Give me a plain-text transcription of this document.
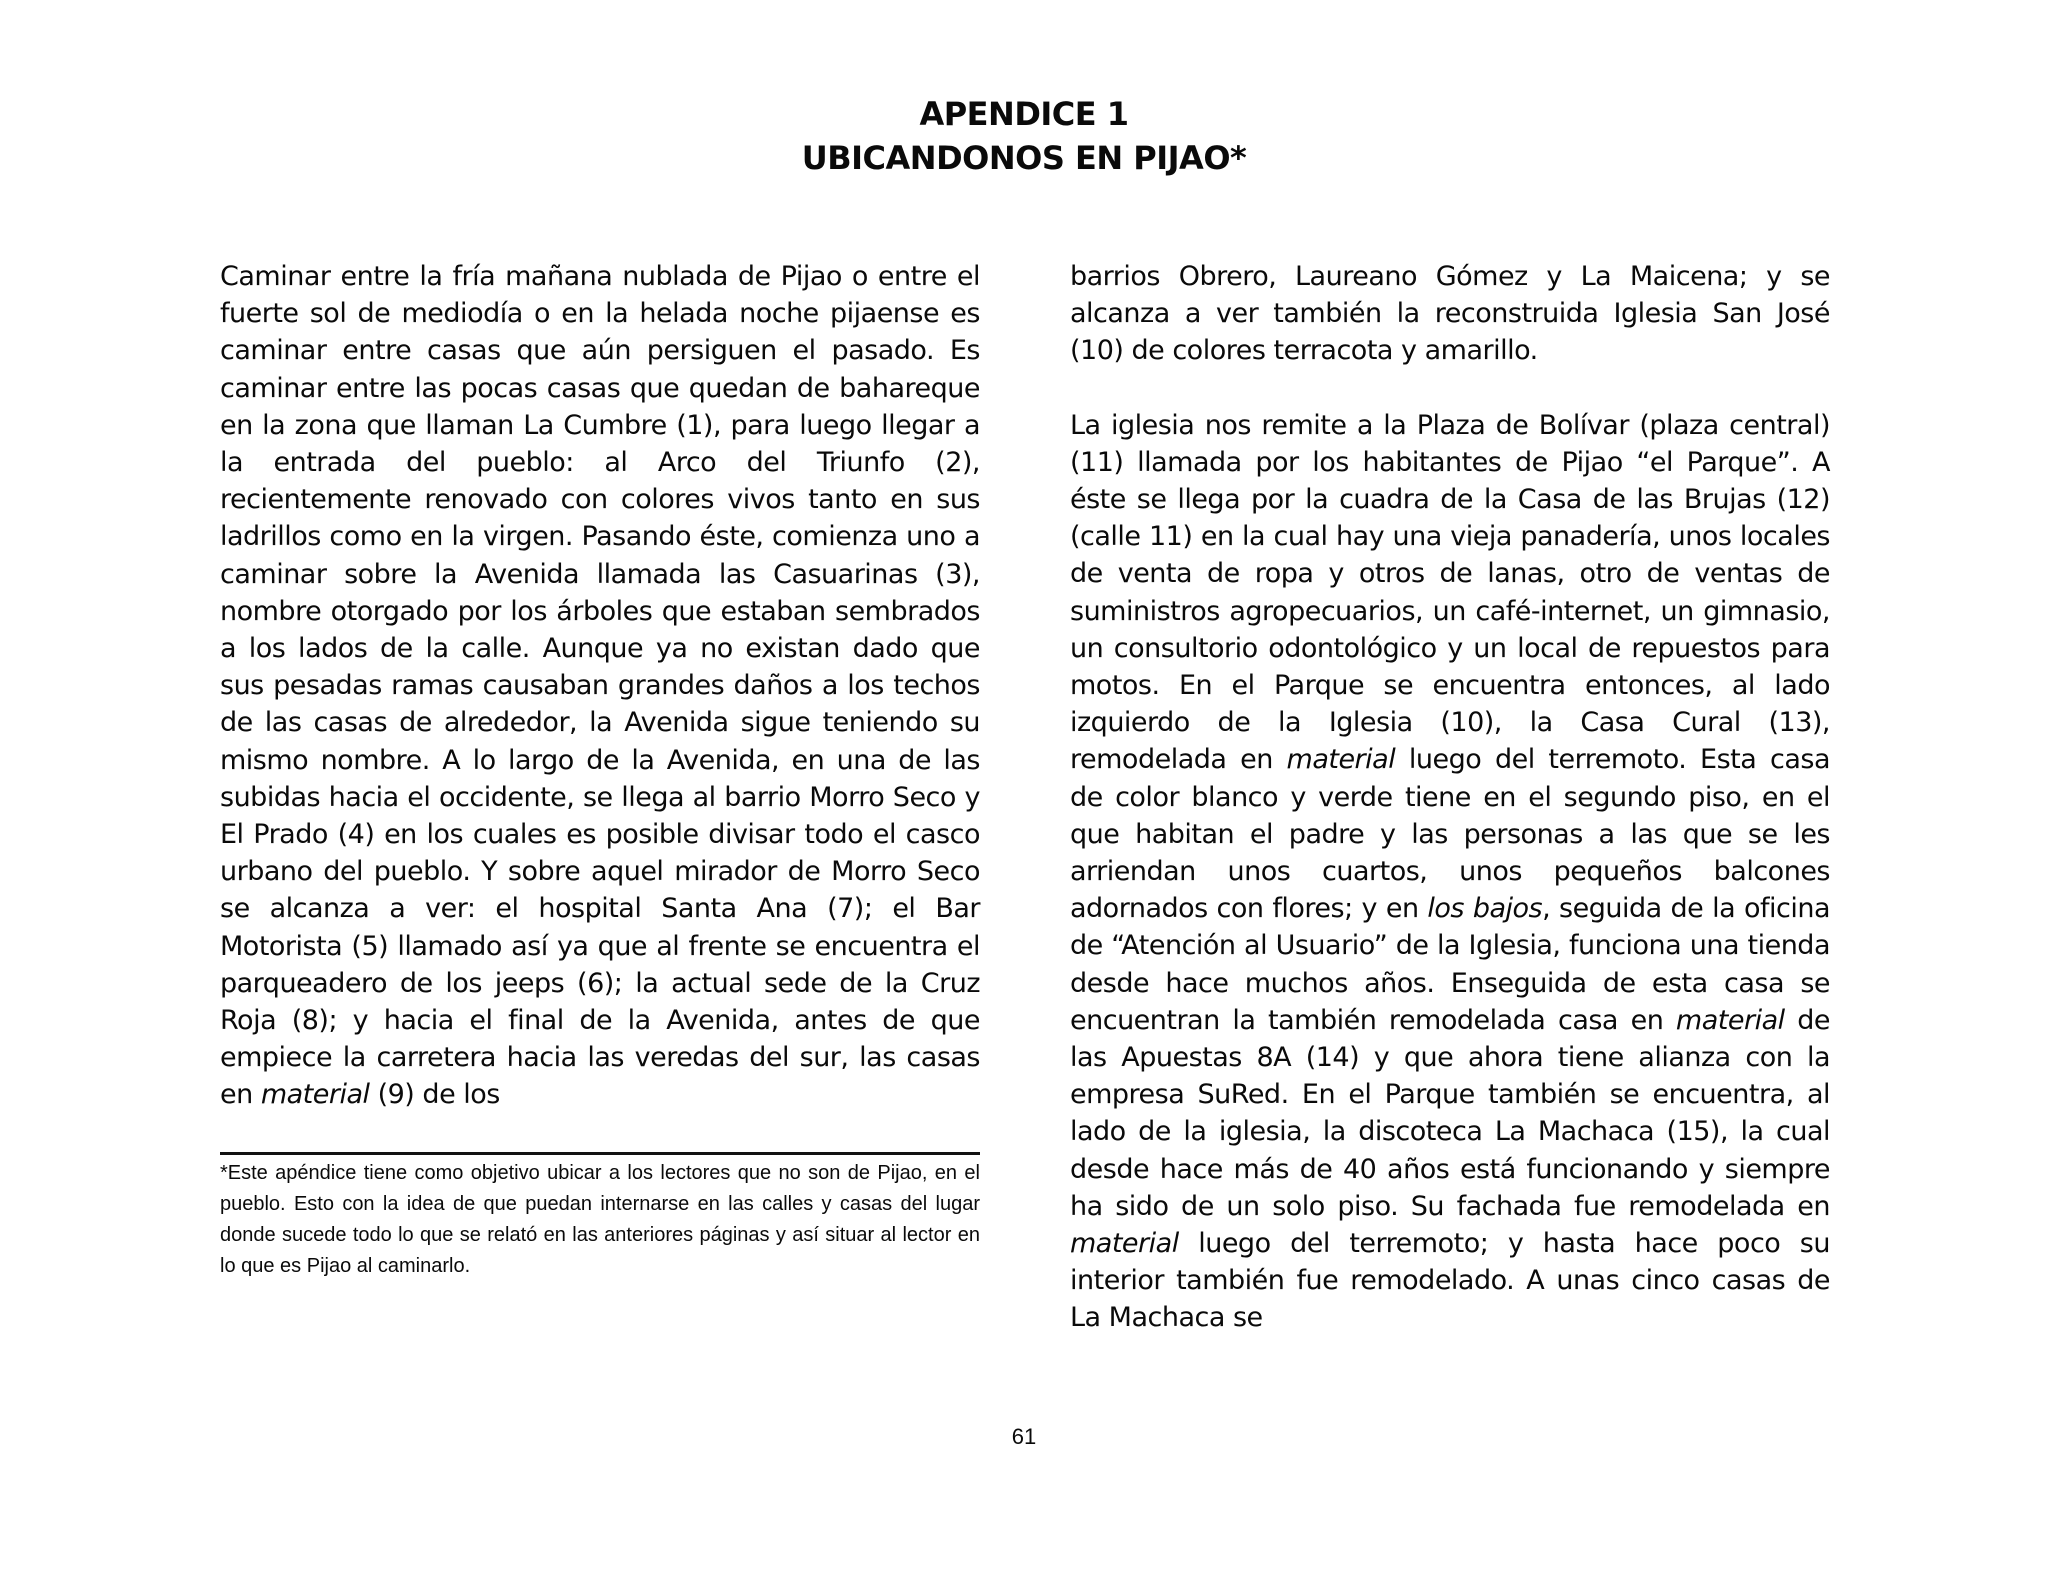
APENDICE 1
UBICANDONOS EN PIJAO*

Caminar entre la fría mañana nublada de Pijao o entre el fuerte sol de mediodía o en la helada noche pijaense es caminar entre casas que aún persiguen el pasado. Es caminar entre las pocas casas que quedan de bahareque en la zona que llaman La Cumbre (1), para luego llegar a la entrada del pueblo: al Arco del Triunfo (2), recientemente renovado con colores vivos tanto en sus ladrillos como en la virgen. Pasando éste, comienza uno a caminar sobre la Avenida llamada las Casuarinas (3), nombre otorgado por los árboles que estaban sembrados a los lados de la calle. Aunque ya no existan dado que sus pesadas ramas causaban grandes daños a los techos de las casas de alrededor, la Avenida sigue teniendo su mismo nombre. A lo largo de la Avenida, en una de las subidas hacia el occidente, se llega al barrio Morro Seco y El Prado (4) en los cuales es posible divisar todo el casco urbano del pueblo. Y sobre aquel mirador de Morro Seco se alcanza a ver: el hospital Santa Ana (7); el Bar Motorista (5) llamado así ya que al frente se encuentra el parqueadero de los jeeps (6); la actual sede de la Cruz Roja (8); y hacia el final de la Avenida, antes de que empiece la carretera hacia las veredas del sur, las casas en material (9) de los

*Este apéndice tiene como objetivo ubicar a los lectores que no son de Pijao, en el pueblo. Esto con la idea de que puedan internarse en las calles y casas del lugar donde sucede todo lo que se relató en las anteriores páginas y así situar al lector en lo que es Pijao al caminarlo.

barrios Obrero, Laureano Gómez y La Maicena; y se alcanza a ver también la reconstruida Iglesia San José (10) de colores terracota y amarillo.

La iglesia nos remite a la Plaza de Bolívar (plaza central) (11) llamada por los habitantes de Pijao “el Parque”. A éste se llega por la cuadra de la Casa de las Brujas (12) (calle 11) en la cual hay una vieja panadería, unos locales de venta de ropa y otros de lanas, otro de ventas de suministros agropecuarios, un café-internet, un gimnasio, un consultorio odontológico y un local de repuestos para motos. En el Parque se encuentra entonces, al lado izquierdo de la Iglesia (10), la Casa Cural (13), remodelada en material luego del terremoto. Esta casa de color blanco y verde tiene en el segundo piso, en el que habitan el padre y las personas a las que se les arriendan unos cuartos, unos pequeños balcones adornados con flores; y en los bajos, seguida de la oficina de “Atención al Usuario” de la Iglesia, funciona una tienda desde hace muchos años. Enseguida de esta casa se encuentran la también remodelada casa en material de las Apuestas 8A (14) y que ahora tiene alianza con la empresa SuRed. En el Parque también se encuentra, al lado de la iglesia, la discoteca La Machaca (15), la cual desde hace más de 40 años está funcionando y siempre ha sido de un solo piso. Su fachada fue remodelada en material luego del terremoto; y hasta hace poco su interior también fue remodelado. A unas cinco casas de La Machaca se

61
